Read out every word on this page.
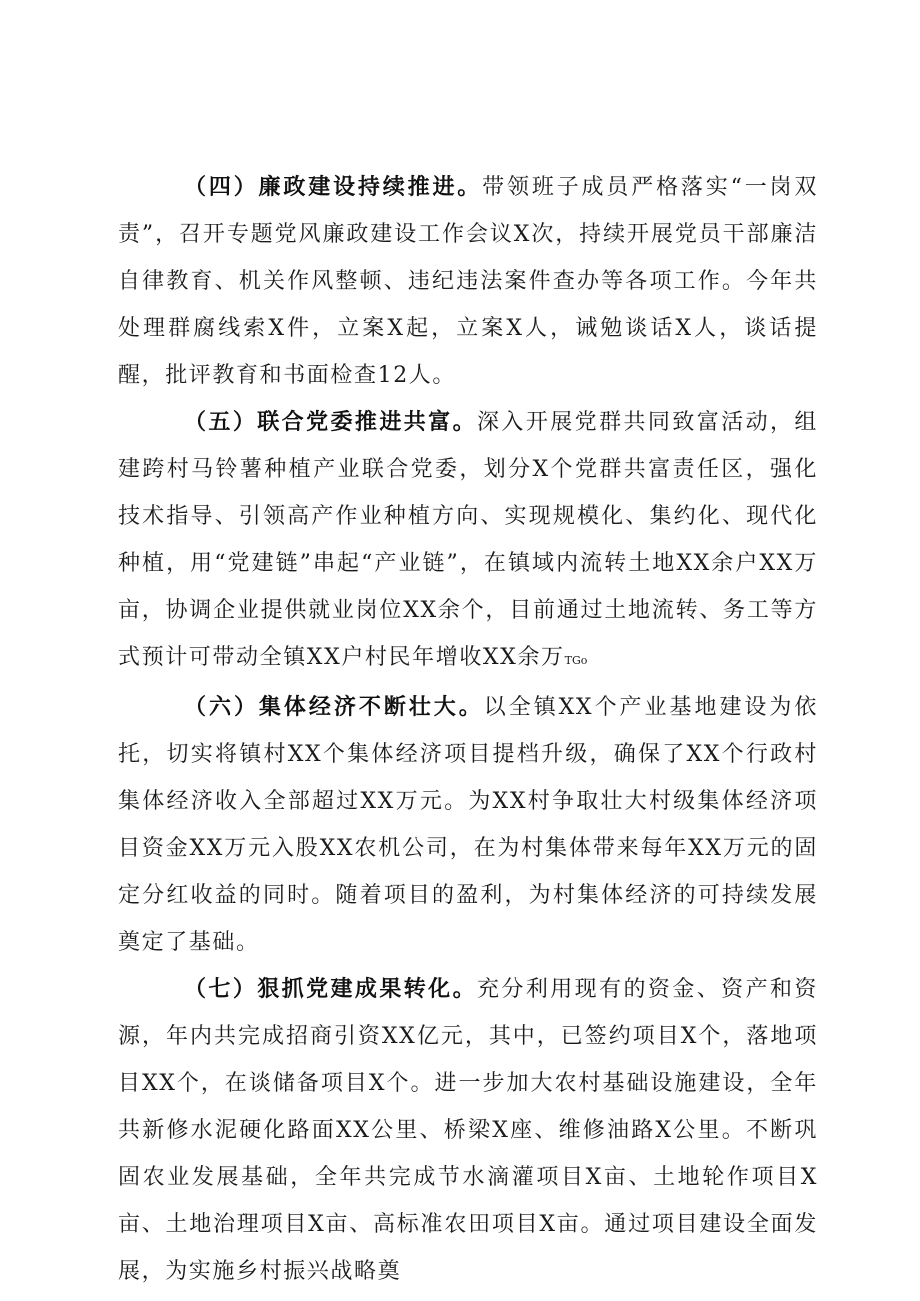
（四）廉政建设持续推进。带领班子成员严格落实“一岗双责”，召开专题党风廉政建设工作会议X次，持续开展党员干部廉洁自律教育、机关作风整顿、违纪违法案件查办等各项工作。今年共处理群腐线索X件，立案X起，立案X人，诫勉谈话X人，谈话提醒，批评教育和书面检查12人。

（五）联合党委推进共富。深入开展党群共同致富活动，组建跨村马铃薯种植产业联合党委，划分X个党群共富责任区，强化技术指导、引领高产作业种植方向、实现规模化、集约化、现代化种植，用“党建链”串起“产业链”，在镇域内流转土地XX余户XX万亩，协调企业提供就业岗位XX余个，目前通过土地流转、务工等方式预计可带动全镇XX户村民年增收XX余万TGo

（六）集体经济不断壮大。以全镇XX个产业基地建设为依托，切实将镇村XX个集体经济项目提档升级，确保了XX个行政村集体经济收入全部超过XX万元。为XX村争取壮大村级集体经济项目资金XX万元入股XX农机公司，在为村集体带来每年XX万元的固定分红收益的同时。随着项目的盈利，为村集体经济的可持续发展奠定了基础。

（七）狠抓党建成果转化。充分利用现有的资金、资产和资源，年内共完成招商引资XX亿元，其中，已签约项目X个，落地项目XX个，在谈储备项目X个。进一步加大农村基础设施建设，全年共新修水泥硬化路面XX公里、桥梁X座、维修油路X公里。不断巩固农业发展基础，全年共完成节水滴灌项目X亩、土地轮作项目X亩、土地治理项目X亩、高标准农田项目X亩。通过项目建设全面发展，为实施乡村振兴战略奠
